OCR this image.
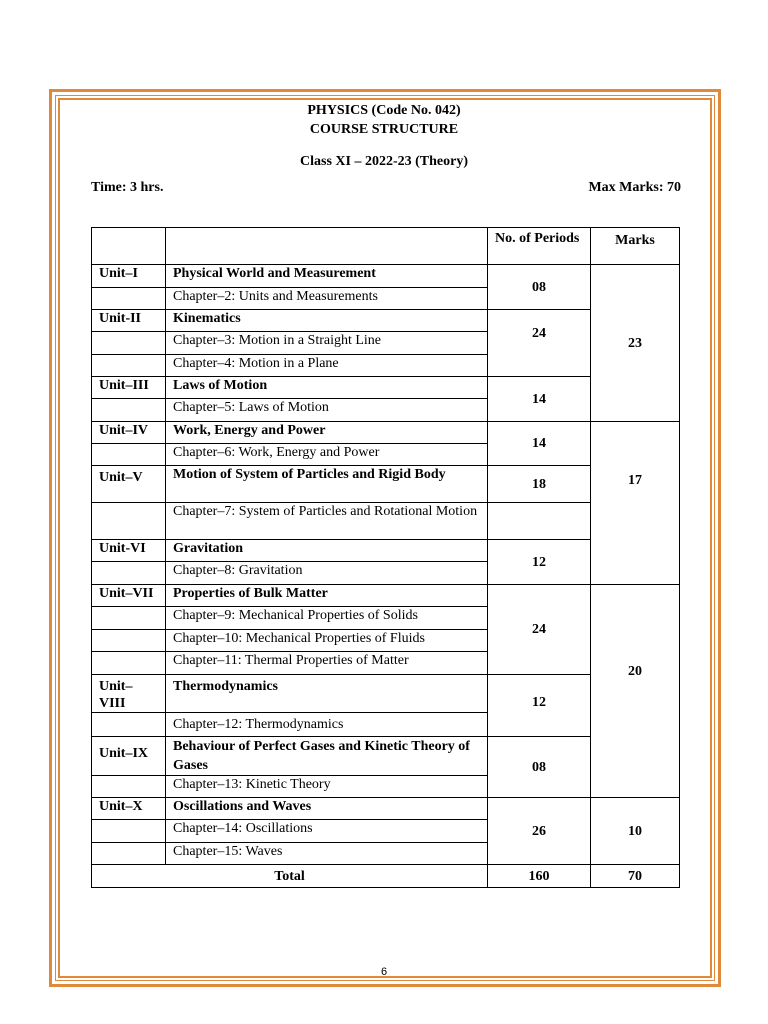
PHYSICS (Code No. 042)
COURSE STRUCTURE
Class XI – 2022-23 (Theory)
Time: 3 hrs.	Max Marks: 70
		No. of Periods	Marks
Unit–I	Physical World and Measurement	08	23
	Chapter–2: Units and Measurements		
Unit-II	Kinematics	24	
	Chapter–3: Motion in a Straight Line		
	Chapter–4: Motion in a Plane		
Unit–III	Laws of Motion	14	
	Chapter–5: Laws of Motion		
Unit–IV	Work, Energy and Power	14	17
	Chapter–6: Work, Energy and Power		
Unit–V	Motion of System of Particles and Rigid Body	18	
	Chapter–7: System of Particles and Rotational Motion		
Unit-VI	Gravitation	12	
	Chapter–8: Gravitation		
Unit–VII	Properties of Bulk Matter	24	20
	Chapter–9: Mechanical Properties of Solids		
	Chapter–10: Mechanical Properties of Fluids		
	Chapter–11: Thermal Properties of Matter		
Unit–VIII	Thermodynamics	12	
	Chapter–12: Thermodynamics		
Unit–IX	Behaviour of Perfect Gases and Kinetic Theory of Gases	08	
	Chapter–13: Kinetic Theory		
Unit–X	Oscillations and Waves	26	10
	Chapter–14: Oscillations		
	Chapter–15: Waves		
Total		160	70
6
